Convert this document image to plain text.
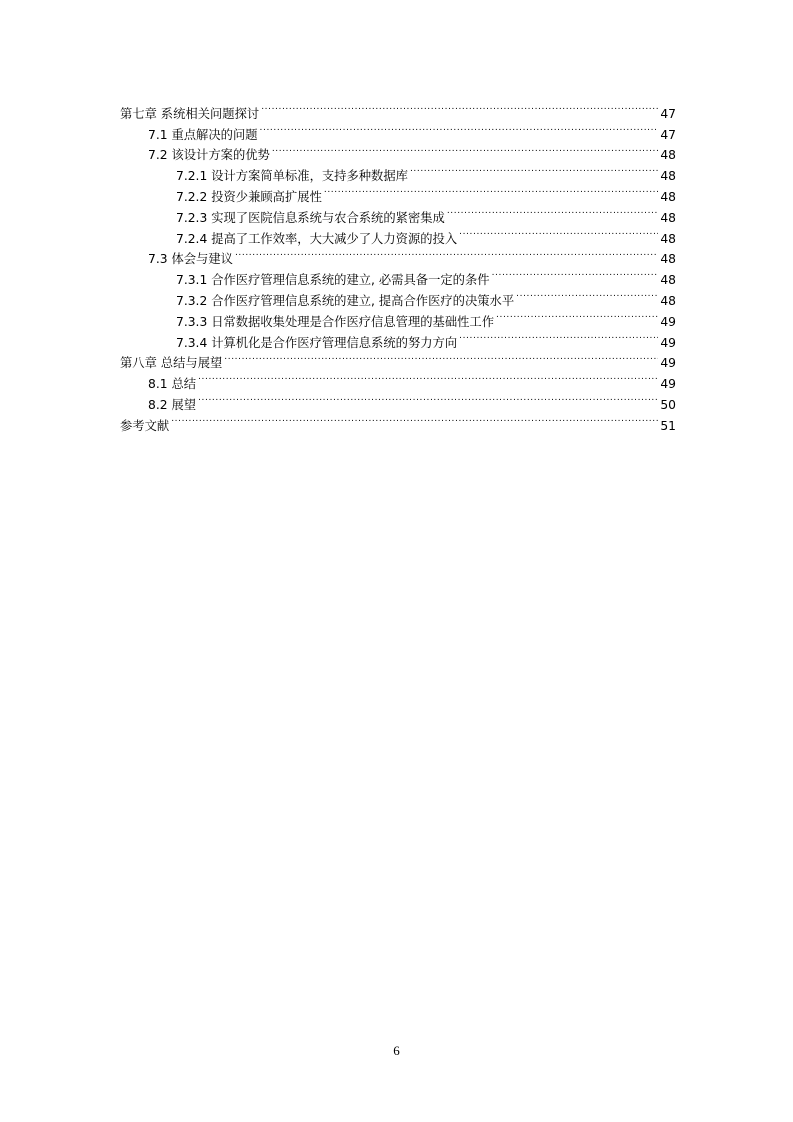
第七章 系统相关问题探讨 .....	47
7.1 重点解决的问题 .....	47
7.2 该设计方案的优势 .....	48
7.2.1 设计方案简单标准，支持多种数据库 .....	48
7.2.2 投资少兼顾高扩展性 .....	48
7.2.3 实现了医院信息系统与农合系统的紧密集成 .....	48
7.2.4 提高了工作效率，大大减少了人力资源的投入 .....	48
7.3 体会与建议 .....	48
7.3.1 合作医疗管理信息系统的建立, 必需具备一定的条件 .....	48
7.3.2 合作医疗管理信息系统的建立, 提高合作医疗的决策水平 .....	48
7.3.3 日常数据收集处理是合作医疗信息管理的基础性工作 .....	49
7.3.4 计算机化是合作医疗管理信息系统的努力方向 .....	49
第八章 总结与展望 .....	49
8.1 总结 .....	49
8.2 展望 .....	50
参考文献 .....	51
6
